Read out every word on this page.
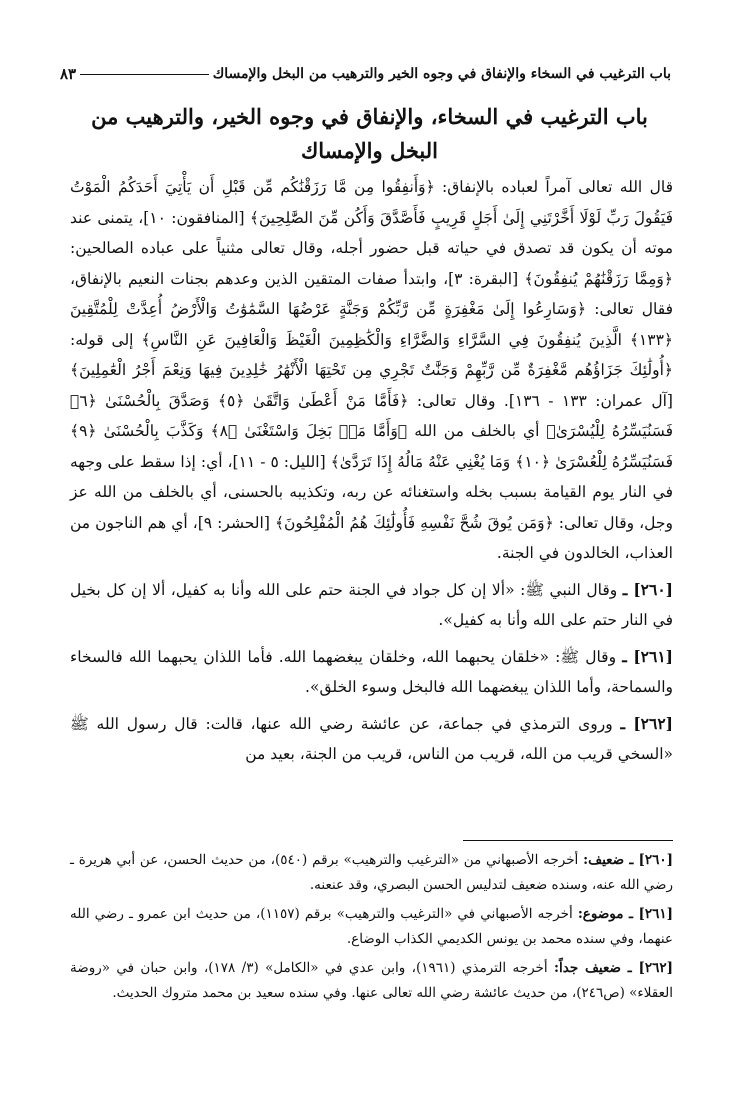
باب الترغيب في السخاء والإنفاق في وجوه الخير والترهيب من البخل والإمساك
٨٣
باب الترغيب في السخاء، والإنفاق في وجوه الخير، والترهيب من
البخل والإمساك

قال الله تعالى آمراً لعباده بالإنفاق: ﴿وَأَنفِقُوا مِن مَّا رَزَقْنَٰكُم مِّن قَبْلِ أَن يَأْتِيَ أَحَدَكُمُ الْمَوْتُ فَيَقُولَ رَبِّ لَوْلَا أَخَّرْتَنِي إِلَىٰ أَجَلٍ قَرِيبٍ فَأَصَّدَّقَ وَأَكُن مِّنَ الصَّٰلِحِينَ﴾ [المنافقون: ١٠]، يتمنى عند موته أن يكون قد تصدق في حياته قبل حضور أجله، وقال تعالى مثنياً على عباده الصالحين: ﴿وَمِمَّا رَزَقْنَٰهُمْ يُنفِقُونَ﴾ [البقرة: ٣]، وابتدأ صفات المتقين الذين وعدهم بجنات النعيم بالإنفاق، فقال تعالى: ﴿وَسَارِعُوا إِلَىٰ مَغْفِرَةٍ مِّن رَّبِّكُمْ وَجَنَّةٍ عَرْضُهَا السَّمَٰوَٰتُ وَالْأَرْضُ أُعِدَّتْ لِلْمُتَّقِينَ ﴿١٣٣﴾ الَّذِينَ يُنفِقُونَ فِي السَّرَّاءِ وَالضَّرَّاءِ وَالْكَٰظِمِينَ الْغَيْظَ وَالْعَافِينَ عَنِ النَّاسِ﴾ إلى قوله: ﴿أُولَٰئِكَ جَزَاؤُهُم مَّغْفِرَةٌ مِّن رَّبِّهِمْ وَجَنَّٰتٌ تَجْرِي مِن تَحْتِهَا الْأَنْهَٰرُ خَٰلِدِينَ فِيهَا وَنِعْمَ أَجْرُ الْعَٰمِلِينَ﴾ [آل عمران: ١٣٣ - ١٣٦]. وقال تعالى: ﴿فَأَمَّا مَنْ أَعْطَىٰ وَاتَّقَىٰ ﴿٥﴾ وَصَدَّقَ بِالْحُسْنَىٰ ﴿٦﴾ فَسَنُيَسِّرُهُ لِلْيُسْرَىٰ﴾ أي بالخلف من الله ﴿وَأَمَّا مَنۢ بَخِلَ وَاسْتَغْنَىٰ ﴿٨﴾ وَكَذَّبَ بِالْحُسْنَىٰ ﴿٩﴾ فَسَنُيَسِّرُهُ لِلْعُسْرَىٰ ﴿١٠﴾ وَمَا يُغْنِي عَنْهُ مَالُهُ إِذَا تَرَدَّىٰ﴾ [الليل: ٥ - ١١]، أي: إذا سقط على وجهه في النار يوم القيامة بسبب بخله واستغنائه عن ربه، وتكذيبه بالحسنى، أي بالخلف من الله عز وجل، وقال تعالى: ﴿وَمَن يُوقَ شُحَّ نَفْسِهِ فَأُولَٰئِكَ هُمُ الْمُفْلِحُونَ﴾ [الحشر: ٩]، أي هم الناجون من العذاب، الخالدون في الجنة.

[٢٦٠] ـ وقال النبي ﷺ: «ألا إن كل جواد في الجنة حتم على الله وأنا به كفيل، ألا إن كل بخيل في النار حتم على الله وأنا به كفيل».

[٢٦١] ـ وقال ﷺ: «خلقان يحبهما الله، وخلقان يبغضهما الله. فأما اللذان يحبهما الله فالسخاء والسماحة، وأما اللذان يبغضهما الله فالبخل وسوء الخلق».

[٢٦٢] ـ وروى الترمذي في جماعة، عن عائشة رضي الله عنها، قالت: قال رسول الله ﷺ «السخي قريب من الله، قريب من الناس، قريب من الجنة، بعيد من

[٢٦٠] ـ ضعيف: أخرجه الأصبهاني من «الترغيب والترهيب» برقم (٥٤٠)، من حديث الحسن، عن أبي هريرة ـ رضي الله عنه، وسنده ضعيف لتدليس الحسن البصري، وقد عنعنه.

[٢٦١] ـ موضوع: أخرجه الأصبهاني في «الترغيب والترهيب» برقم (١١٥٧)، من حديث ابن عمرو ـ رضي الله عنهما، وفي سنده محمد بن يونس الكديمي الكذاب الوضاع.

[٢٦٢] ـ ضعيف جداً: أخرجه الترمذي (١٩٦١)، وابن عدي في «الكامل» (٣/ ١٧٨)، وابن حبان في «روضة العقلاء» (ص٢٤٦)، من حديث عائشة رضي الله تعالى عنها. وفي سنده سعيد بن محمد متروك الحديث.
